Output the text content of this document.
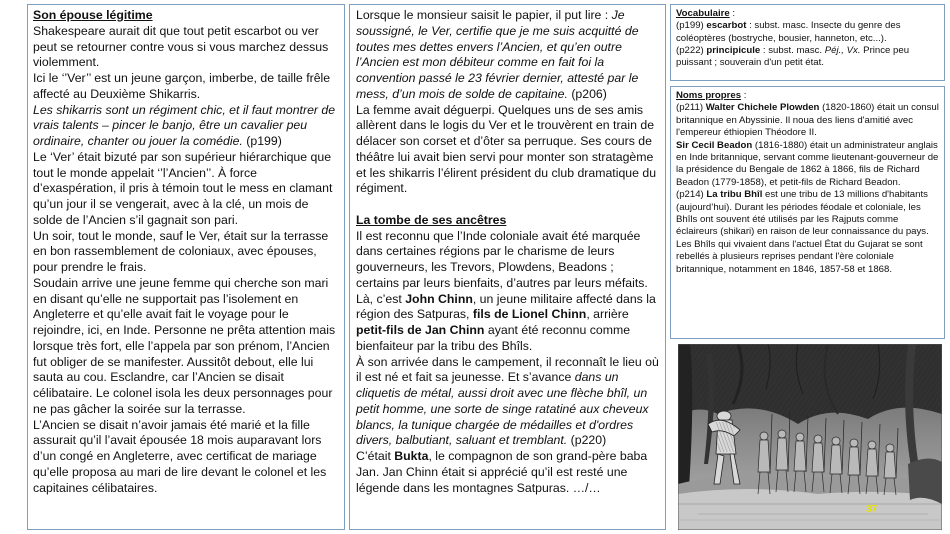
Son épouse légitime

Shakespeare aurait dit que tout petit escarbot ou ver peut se retourner contre vous si vous marchez dessus violemment.

Ici le ‘’Ver’’ est un jeune garçon, imberbe, de taille frêle affecté au Deuxième Shikarris.

Les shikarris sont un régiment chic, et il faut montrer de vrais talents – pincer le banjo, être un cavalier peu ordinaire, chanter ou jouer la comédie. (p199)

Le ‘Ver’ était bizuté par son supérieur hiérarchique que tout le monde appelait ‘’l’Ancien’’. À force d’exaspération, il pris à témoin tout le mess en clamant qu’un jour il se vengerait, avec à la clé, un mois de solde de l’Ancien s’il gagnait son pari.

Un soir, tout le monde, sauf le Ver, était sur la terrasse en bon rassemblement de coloniaux, avec épouses, pour prendre le frais.

Soudain arrive une jeune femme qui cherche son mari en disant qu’elle ne supportait pas l’isolement en Angleterre et qu’elle avait fait le voyage pour le rejoindre, ici, en Inde. Personne ne prêta attention mais lorsque très fort, elle l’appela par son prénom, l’Ancien fut obliger de se manifester. Aussitôt debout, elle lui sauta au cou. Esclandre, car l’Ancien se disait célibataire. Le colonel isola les deux personnages pour ne pas gâcher la soirée sur la terrasse.

L’Ancien se disait n’avoir jamais été marié et la fille assurait qu’il l’avait épousée 18 mois auparavant lors d’un congé en Angleterre, avec certificat de mariage qu’elle proposa au mari de lire devant le colonel et les capitaines célibataires.

Lorsque le monsieur saisit le papier, il put lire : Je soussigné, le Ver, certifie que je me suis acquitté de toutes mes dettes envers l’Ancien, et qu’en outre l’Ancien est mon débiteur comme en fait foi la convention passé le 23 février dernier, attesté par le mess, d’un mois de solde de capitaine. (p206)

La femme avait déguerpi. Quelques uns de ses amis allèrent dans le logis du Ver et le trouvèrent en train de délacer son corset et d’ôter sa perruque. Ses cours de théâtre lui avait bien servi pour monter son stratagème et les shikarris l’élirent président du club dramatique du régiment.

La tombe de ses ancêtres

Il est reconnu que l’Inde coloniale avait été marquée dans certaines régions par le charisme de leurs gouverneurs, les Trevors, Plowdens, Beadons ; certains par leurs bienfaits, d’autres par leurs méfaits.

Là, c’est John Chinn, un jeune militaire affecté dans la région des Satpuras, fils de Lionel Chinn, arrière petit-fils de Jan Chinn ayant été reconnu comme bienfaiteur par la tribu des Bhîls.

À son arrivée dans le campement, il reconnaît le lieu où il est né et fait sa jeunesse. Et s’avance dans un cliquetis de métal, aussi droit avec une flèche bhîl, un petit homme, une sorte de singe ratatiné aux cheveux blancs, la tunique chargée de médailles et d'ordres divers, balbutiant, saluant et tremblant. (p220)

C’était Bukta, le compagnon de son grand-père baba Jan. Jan Chinn était si apprécié qu’il est resté une légende dans les montagnes Satpuras. …/…

Vocabulaire :

(p199) escarbot : subst. masc. Insecte du genre des coléoptères (bostryche, bousier, hanneton, etc...).

(p222) principicule : subst. masc. Péj., Vx. Prince peu puissant ; souverain d'un petit état.

Noms propres :

(p211) Walter Chichele Plowden (1820-1860) était un consul britannique en Abyssinie. Il noua des liens d'amitié avec l'empereur éthiopien Théodore II.

Sir Cecil Beadon (1816-1880) était un administrateur anglais en Inde britannique, servant comme lieutenant-gouverneur de la présidence du Bengale de 1862 à 1866, fils de Richard Beadon (1779-1858), et petit-fils de Richard Beadon.

(p214) La tribu Bhîl est une tribu de 13 millions d'habitants (aujourd’hui). Durant les périodes féodale et coloniale, les Bhîls ont souvent été utilisés par les Rajputs comme éclaireurs (shikari) en raison de leur connaissance du pays. Les Bhîls qui vivaient dans l'actuel État du Gujarat se sont rebellés à plusieurs reprises pendant l'ère coloniale britannique, notamment en 1846, 1857-58 et 1868.

37
